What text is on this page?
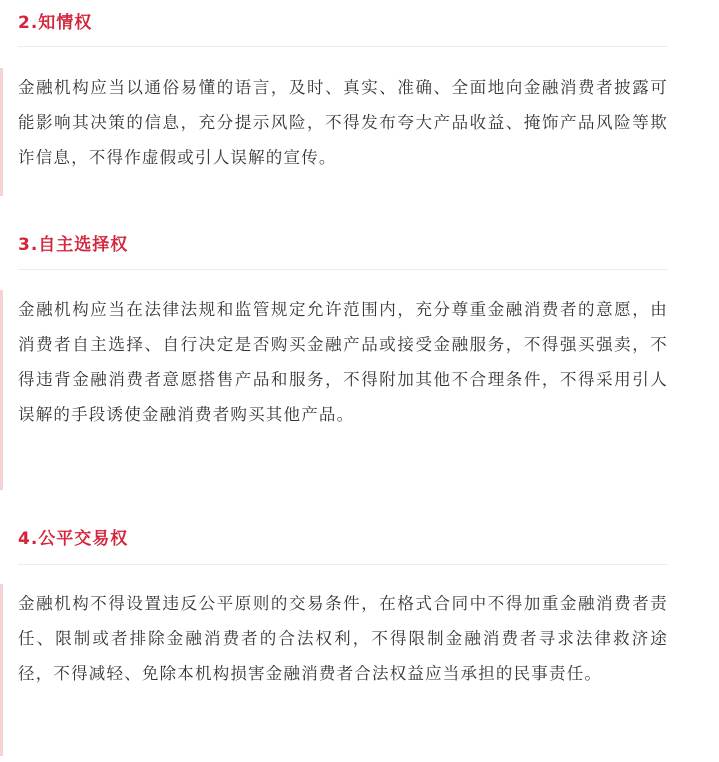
2.知情权

金融机构应当以通俗易懂的语言，及时、真实、准确、全面地向金融消费者披露可能影响其决策的信息，充分提示风险，不得发布夸大产品收益、掩饰产品风险等欺诈信息，不得作虚假或引人误解的宣传。

3.自主选择权

金融机构应当在法律法规和监管规定允许范围内，充分尊重金融消费者的意愿，由消费者自主选择、自行决定是否购买金融产品或接受金融服务，不得强买强卖，不得违背金融消费者意愿搭售产品和服务，不得附加其他不合理条件，不得采用引人误解的手段诱使金融消费者购买其他产品。

4.公平交易权

金融机构不得设置违反公平原则的交易条件，在格式合同中不得加重金融消费者责任、限制或者排除金融消费者的合法权利，不得限制金融消费者寻求法律救济途径，不得减轻、免除本机构损害金融消费者合法权益应当承担的民事责任。
